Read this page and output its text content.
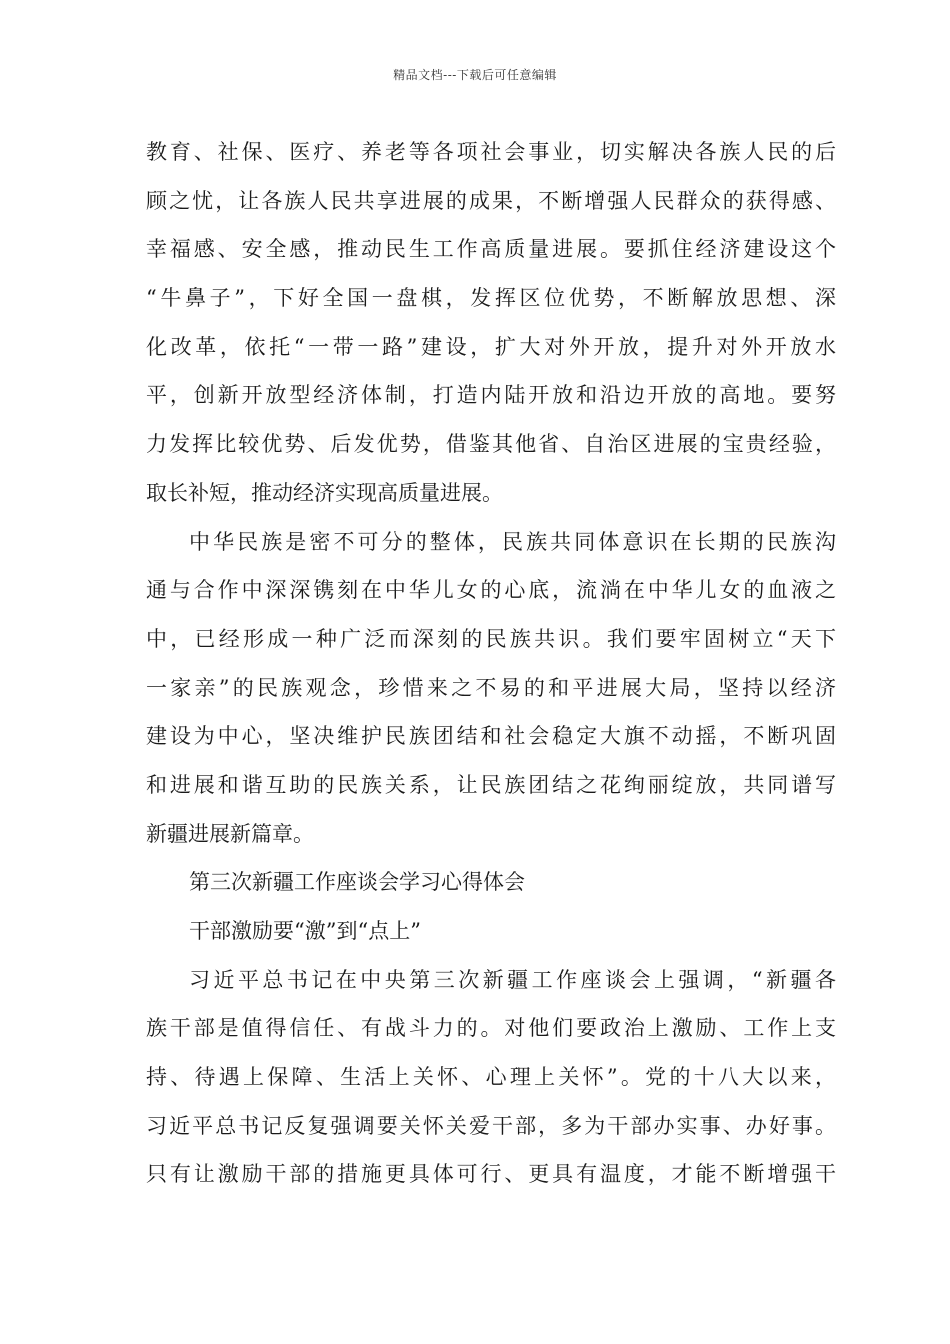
精品文档---下载后可任意编辑
教育、社保、医疗、养老等各项社会事业，切实解决各族人民的后
顾之忧，让各族人民共享进展的成果，不断增强人民群众的获得感、
幸福感、安全感，推动民生工作高质量进展。要抓住经济建设这个
“牛鼻子”，下好全国一盘棋，发挥区位优势，不断解放思想、深
化改革，依托“一带一路”建设，扩大对外开放，提升对外开放水
平，创新开放型经济体制，打造内陆开放和沿边开放的高地。要努
力发挥比较优势、后发优势，借鉴其他省、自治区进展的宝贵经验，
取长补短，推动经济实现高质量进展。
中华民族是密不可分的整体，民族共同体意识在长期的民族沟
通与合作中深深镌刻在中华儿女的心底，流淌在中华儿女的血液之
中，已经形成一种广泛而深刻的民族共识。我们要牢固树立“天下
一家亲”的民族观念，珍惜来之不易的和平进展大局，坚持以经济
建设为中心，坚决维护民族团结和社会稳定大旗不动摇，不断巩固
和进展和谐互助的民族关系，让民族团结之花绚丽绽放，共同谱写
新疆进展新篇章。
第三次新疆工作座谈会学习心得体会
干部激励要“激”到“点上”
习近平总书记在中央第三次新疆工作座谈会上强调，“新疆各
族干部是值得信任、有战斗力的。对他们要政治上激励、工作上支
持、待遇上保障、生活上关怀、心理上关怀”。党的十八大以来，
习近平总书记反复强调要关怀关爱干部，多为干部办实事、办好事。
只有让激励干部的措施更具体可行、更具有温度，才能不断增强干
